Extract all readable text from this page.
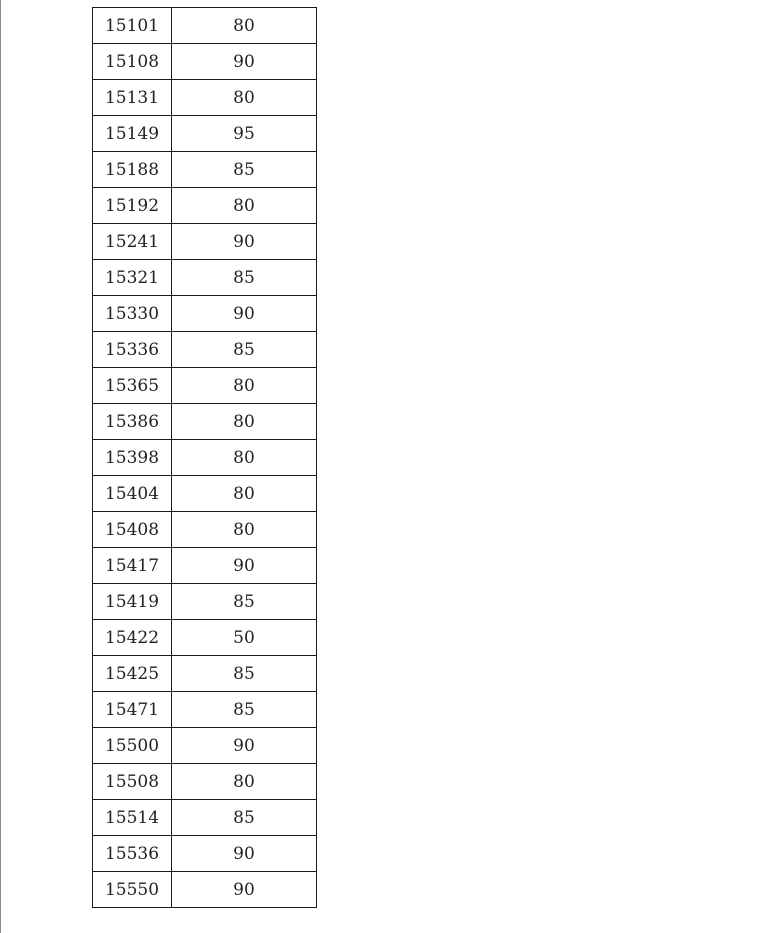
15101	80
15108	90
15131	80
15149	95
15188	85
15192	80
15241	90
15321	85
15330	90
15336	85
15365	80
15386	80
15398	80
15404	80
15408	80
15417	90
15419	85
15422	50
15425	85
15471	85
15500	90
15508	80
15514	85
15536	90
15550	90
